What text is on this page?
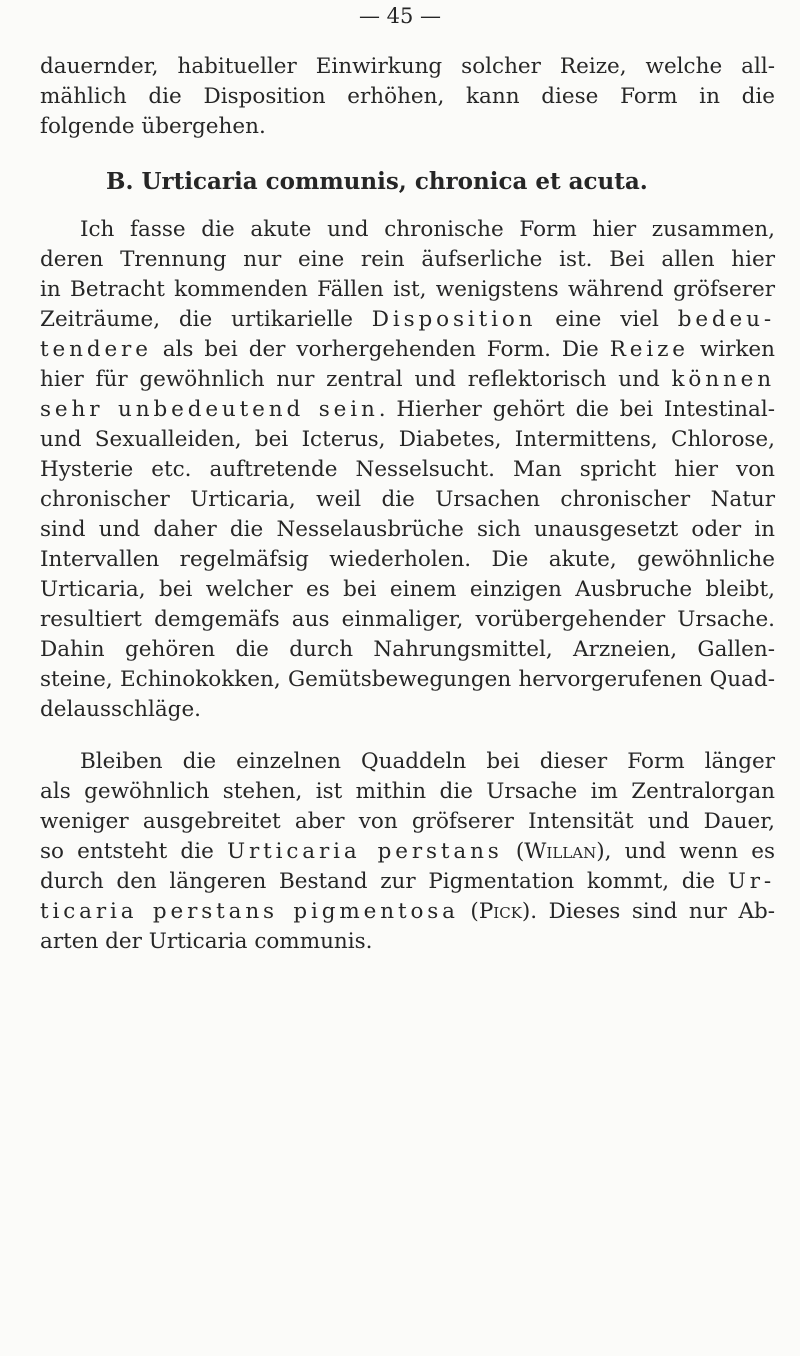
— 45 —
dauernder, habitueller Einwirkung solcher Reize, welche all-
mählich die Disposition erhöhen, kann diese Form in die
folgende übergehen.
B. Urticaria communis, chronica et acuta.
Ich fasse die akute und chronische Form hier zusammen,
deren Trennung nur eine rein äufserliche ist. Bei allen hier
in Betracht kommenden Fällen ist, wenigstens während gröfserer
Zeiträume, die urtikarielle Disposition eine viel bedeu-
tendere als bei der vorhergehenden Form. Die Reize wirken
hier für gewöhnlich nur zentral und reflektorisch und können
sehr unbedeutend sein. Hierher gehört die bei Intestinal-
und Sexualleiden, bei Icterus, Diabetes, Intermittens, Chlorose,
Hysterie etc. auftretende Nesselsucht. Man spricht hier von
chronischer Urticaria, weil die Ursachen chronischer Natur
sind und daher die Nesselausbrüche sich unausgesetzt oder in
Intervallen regelmäfsig wiederholen. Die akute, gewöhnliche
Urticaria, bei welcher es bei einem einzigen Ausbruche bleibt,
resultiert demgemäfs aus einmaliger, vorübergehender Ursache.
Dahin gehören die durch Nahrungsmittel, Arzneien, Gallen-
steine, Echinokokken, Gemütsbewegungen hervorgerufenen Quad-
delausschläge.
Bleiben die einzelnen Quaddeln bei dieser Form länger
als gewöhnlich stehen, ist mithin die Ursache im Zentralorgan
weniger ausgebreitet aber von gröfserer Intensität und Dauer,
so entsteht die Urticaria perstans (Willan), und wenn es
durch den längeren Bestand zur Pigmentation kommt, die Ur-
ticaria perstans pigmentosa (Pick). Dieses sind nur Ab-
arten der Urticaria communis.
